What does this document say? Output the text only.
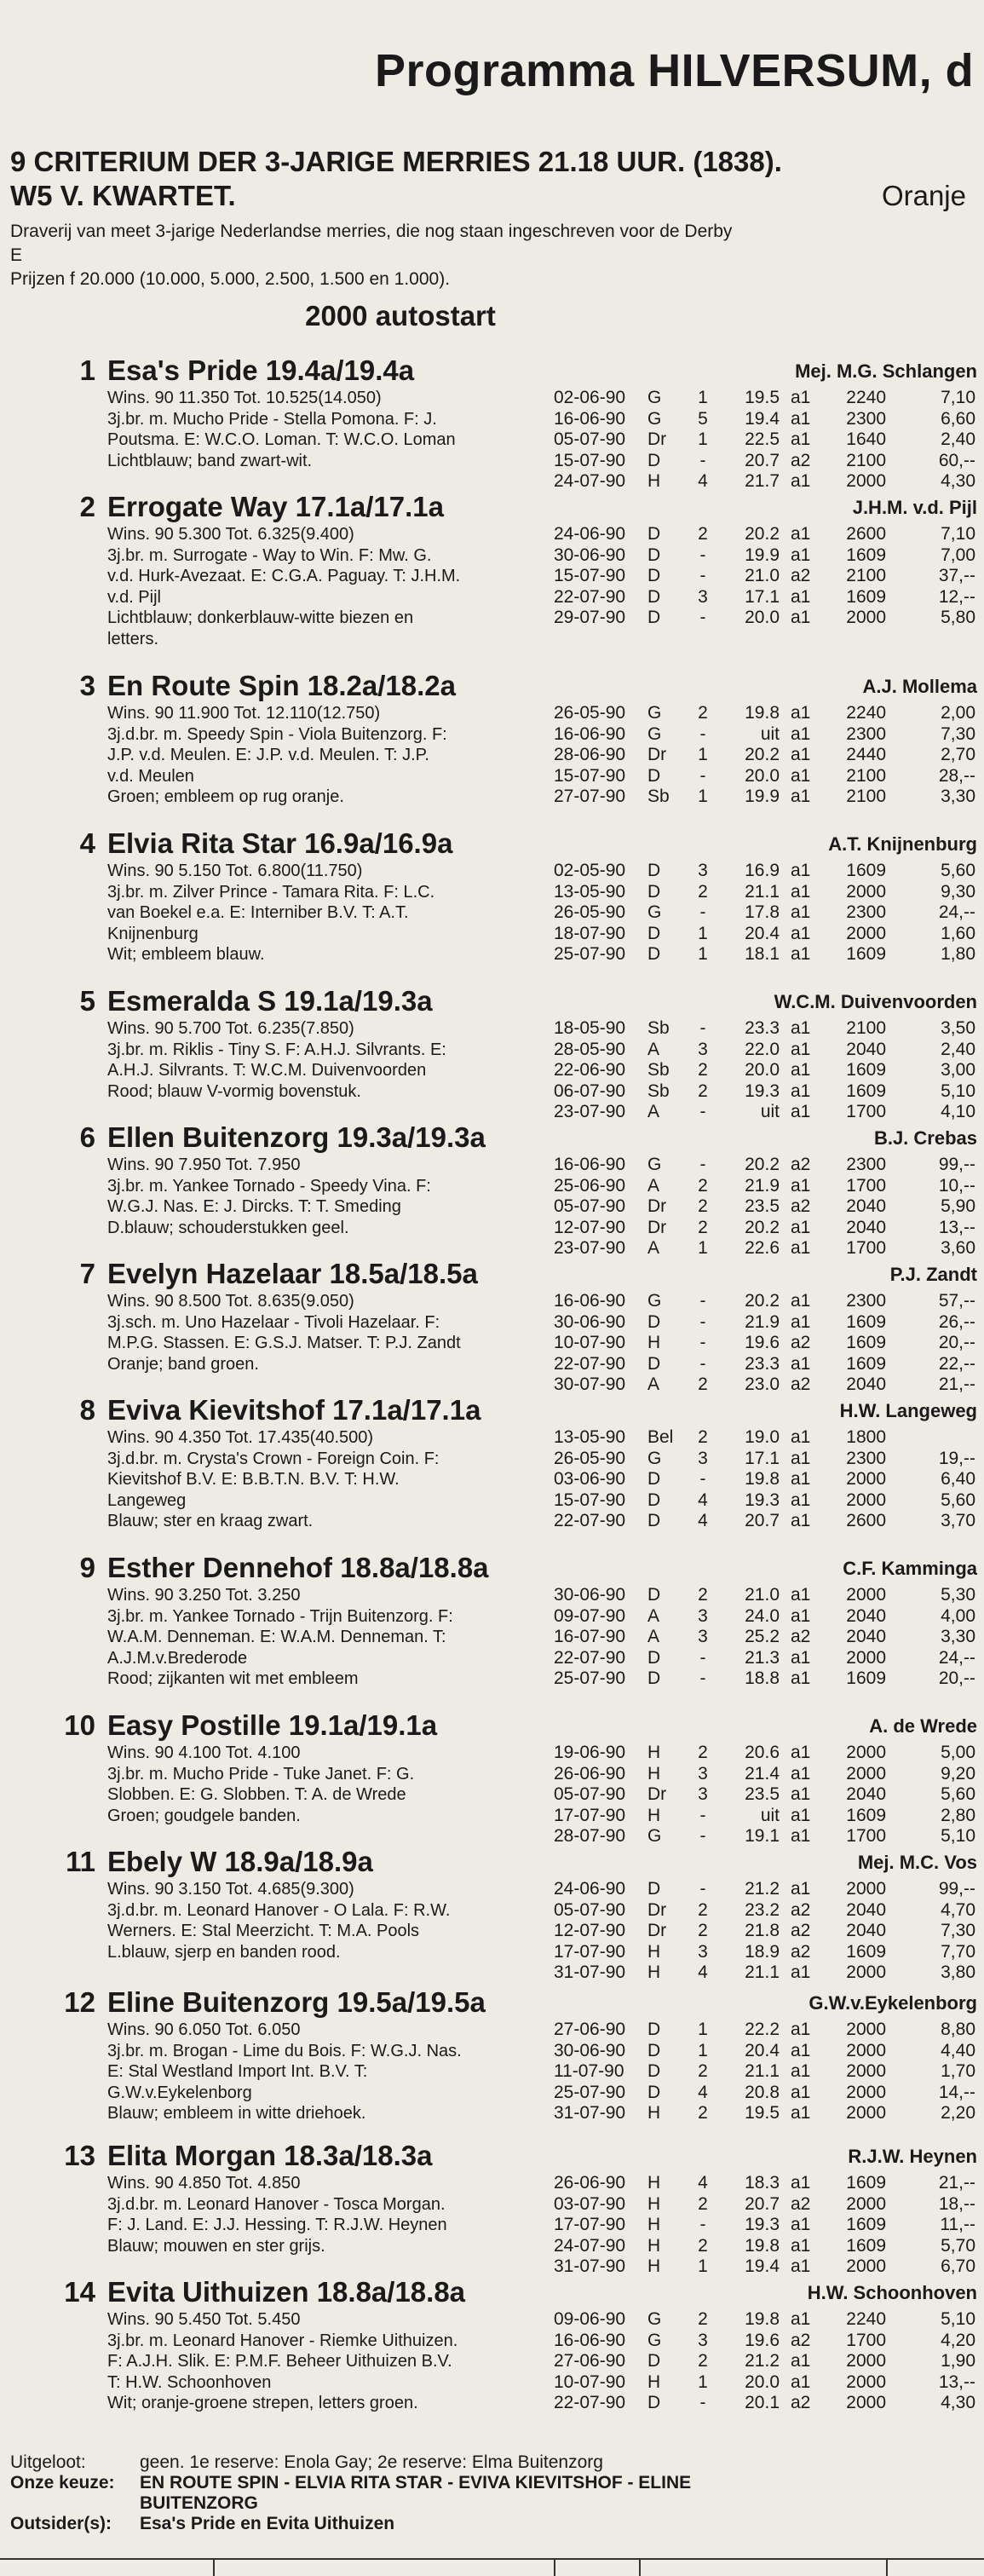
Programma HILVERSUM, d
9 CRITERIUM DER 3-JARIGE MERRIES 21.18 UUR. (1838).
W5 V. KWARTET.	Oranje
Draverij van meet 3-jarige Nederlandse merries, die nog staan ingeschreven voor de Derby
E
Prijzen f 20.000 (10.000, 5.000, 2.500, 1.500 en 1.000).
2000 autostart
1 Esa's Pride 19.4a/19.4a	Mej. M.G. Schlangen
Wins. 90 11.350 Tot. 10.525(14.050)
3j.br. m. Mucho Pride - Stella Pomona. F: J.
Poutsma. E: W.C.O. Loman. T: W.C.O. Loman
Lichtblauw; band zwart-wit.
02-06-90 G	1	19.5 a1	2240	7,10
16-06-90 G	5	19.4 a1	2300	6,60
05-07-90 Dr	1	22.5 a1	1640	2,40
15-07-90 D	-	20.7 a2	2100	60,--
24-07-90 H	4	21.7 a1	2000	4,30
2 Errogate Way 17.1a/17.1a	J.H.M. v.d. Pijl
Wins. 90 5.300 Tot. 6.325(9.400)
3j.br. m. Surrogate - Way to Win. F: Mw. G.
v.d. Hurk-Avezaat. E: C.G.A. Paguay. T: J.H.M.
v.d. Pijl
Lichtblauw; donkerblauw-witte biezen en
letters.
24-06-90 D	2	20.2 a1	2600	7,10
30-06-90 D	-	19.9 a1	1609	7,00
15-07-90 D	-	21.0 a2	2100	37,--
22-07-90 D	3	17.1 a1	1609	12,--
29-07-90 D	-	20.0 a1	2000	5,80
3 En Route Spin 18.2a/18.2a	A.J. Mollema
Wins. 90 11.900 Tot. 12.110(12.750)
3j.d.br. m. Speedy Spin - Viola Buitenzorg. F:
J.P. v.d. Meulen. E: J.P. v.d. Meulen. T: J.P.
v.d. Meulen
Groen; embleem op rug oranje.
26-05-90 G	2	19.8 a1	2240	2,00
16-06-90 G	-	uit a1	2300	7,30
28-06-90 Dr	1	20.2 a1	2440	2,70
15-07-90 D	-	20.0 a1	2100	28,--
27-07-90 Sb	1	19.9 a1	2100	3,30
4 Elvia Rita Star 16.9a/16.9a	A.T. Knijnenburg
Wins. 90 5.150 Tot. 6.800(11.750)
3j.br. m. Zilver Prince - Tamara Rita. F: L.C.
van Boekel e.a. E: Interniber B.V. T: A.T.
Knijnenburg
Wit; embleem blauw.
02-05-90 D	3	16.9 a1	1609	5,60
13-05-90 D	2	21.1 a1	2000	9,30
26-05-90 G	-	17.8 a1	2300	24,--
18-07-90 D	1	20.4 a1	2000	1,60
25-07-90 D	1	18.1 a1	1609	1,80
5 Esmeralda S 19.1a/19.3a	W.C.M. Duivenvoorden
Wins. 90 5.700 Tot. 6.235(7.850)
3j.br. m. Riklis - Tiny S. F: A.H.J. Silvrants. E:
A.H.J. Silvrants. T: W.C.M. Duivenvoorden
Rood; blauw V-vormig bovenstuk.
18-05-90 Sb	-	23.3 a1	2100	3,50
28-05-90 A	3	22.0 a1	2040	2,40
22-06-90 Sb	2	20.0 a1	1609	3,00
06-07-90 Sb	2	19.3 a1	1609	5,10
23-07-90 A	-	uit a1	1700	4,10
6 Ellen Buitenzorg 19.3a/19.3a	B.J. Crebas
Wins. 90 7.950 Tot. 7.950
3j.br. m. Yankee Tornado - Speedy Vina. F:
W.G.J. Nas. E: J. Dircks. T: T. Smeding
D.blauw; schouderstukken geel.
16-06-90 G	-	20.2 a2	2300	99,--
25-06-90 A	2	21.9 a1	1700	10,--
05-07-90 Dr	2	23.5 a2	2040	5,90
12-07-90 Dr	2	20.2 a1	2040	13,--
23-07-90 A	1	22.6 a1	1700	3,60
7 Evelyn Hazelaar 18.5a/18.5a	P.J. Zandt
Wins. 90 8.500 Tot. 8.635(9.050)
3j.sch. m. Uno Hazelaar - Tivoli Hazelaar. F:
M.P.G. Stassen. E: G.S.J. Matser. T: P.J. Zandt
Oranje; band groen.
16-06-90 G	-	20.2 a1	2300	57,--
30-06-90 D	-	21.9 a1	1609	26,--
10-07-90 H	-	19.6 a2	1609	20,--
22-07-90 D	-	23.3 a1	1609	22,--
30-07-90 A	2	23.0 a2	2040	21,--
8 Eviva Kievitshof 17.1a/17.1a	H.W. Langeweg
Wins. 90 4.350 Tot. 17.435(40.500)
3j.d.br. m. Crysta's Crown - Foreign Coin. F:
Kievitshof B.V. E: B.B.T.N. B.V. T: H.W.
Langeweg
Blauw; ster en kraag zwart.
13-05-90 Bel	2	19.0 a1	1800
26-05-90 G	3	17.1 a1	2300	19,--
03-06-90 D	-	19.8 a1	2000	6,40
15-07-90 D	4	19.3 a1	2000	5,60
22-07-90 D	4	20.7 a1	2600	3,70
9 Esther Dennehof 18.8a/18.8a	C.F. Kamminga
Wins. 90 3.250 Tot. 3.250
3j.br. m. Yankee Tornado - Trijn Buitenzorg. F:
W.A.M. Denneman. E: W.A.M. Denneman. T:
A.J.M.v.Brederode
Rood; zijkanten wit met embleem
30-06-90 D	2	21.0 a1	2000	5,30
09-07-90 A	3	24.0 a1	2040	4,00
16-07-90 A	3	25.2 a2	2040	3,30
22-07-90 D	-	21.3 a1	2000	24,--
25-07-90 D	-	18.8 a1	1609	20,--
10 Easy Postille 19.1a/19.1a	A. de Wrede
Wins. 90 4.100 Tot. 4.100
3j.br. m. Mucho Pride - Tuke Janet. F: G.
Slobben. E: G. Slobben. T: A. de Wrede
Groen; goudgele banden.
19-06-90 H	2	20.6 a1	2000	5,00
26-06-90 H	3	21.4 a1	2000	9,20
05-07-90 Dr	3	23.5 a1	2040	5,60
17-07-90 H	-	uit a1	1609	2,80
28-07-90 G	-	19.1 a1	1700	5,10
11 Ebely W 18.9a/18.9a	Mej. M.C. Vos
Wins. 90 3.150 Tot. 4.685(9.300)
3j.d.br. m. Leonard Hanover - O Lala. F: R.W.
Werners. E: Stal Meerzicht. T: M.A. Pools
L.blauw, sjerp en banden rood.
24-06-90 D	-	21.2 a1	2000	99,--
05-07-90 Dr	2	23.2 a2	2040	4,70
12-07-90 Dr	2	21.8 a2	2040	7,30
17-07-90 H	3	18.9 a2	1609	7,70
31-07-90 H	4	21.1 a1	2000	3,80
12 Eline Buitenzorg 19.5a/19.5a	G.W.v.Eykelenborg
Wins. 90 6.050 Tot. 6.050
3j.br. m. Brogan - Lime du Bois. F: W.G.J. Nas.
E: Stal Westland Import Int. B.V. T:
G.W.v.Eykelenborg
Blauw; embleem in witte driehoek.
27-06-90 D	1	22.2 a1	2000	8,80
30-06-90 D	1	20.4 a1	2000	4,40
11-07-90 D	2	21.1 a1	2000	1,70
25-07-90 D	4	20.8 a1	2000	14,--
31-07-90 H	2	19.5 a1	2000	2,20
13 Elita Morgan 18.3a/18.3a	R.J.W. Heynen
Wins. 90 4.850 Tot. 4.850
3j.d.br. m. Leonard Hanover - Tosca Morgan.
F: J. Land. E: J.J. Hessing. T: R.J.W. Heynen
Blauw; mouwen en ster grijs.
26-06-90 H	4	18.3 a1	1609	21,--
03-07-90 H	2	20.7 a2	2000	18,--
17-07-90 H	-	19.3 a1	1609	11,--
24-07-90 H	2	19.8 a1	1609	5,70
31-07-90 H	1	19.4 a1	2000	6,70
14 Evita Uithuizen 18.8a/18.8a	H.W. Schoonhoven
Wins. 90 5.450 Tot. 5.450
3j.br. m. Leonard Hanover - Riemke Uithuizen.
F: A.J.H. Slik. E: P.M.F. Beheer Uithuizen B.V.
T: H.W. Schoonhoven
Wit; oranje-groene strepen, letters groen.
09-06-90 G	2	19.8 a1	2240	5,10
16-06-90 G	3	19.6 a2	1700	4,20
27-06-90 D	2	21.2 a1	2000	1,90
10-07-90 H	1	20.0 a1	2000	13,--
22-07-90 D	-	20.1 a2	2000	4,30
Uitgeloot:	geen. 1e reserve: Enola Gay; 2e reserve: Elma Buitenzorg
Onze keuze: EN ROUTE SPIN - ELVIA RITA STAR - EVIVA KIEVITSHOF - ELINE
BUITENZORG
Outsider(s): Esa's Pride en Evita Uithuizen
